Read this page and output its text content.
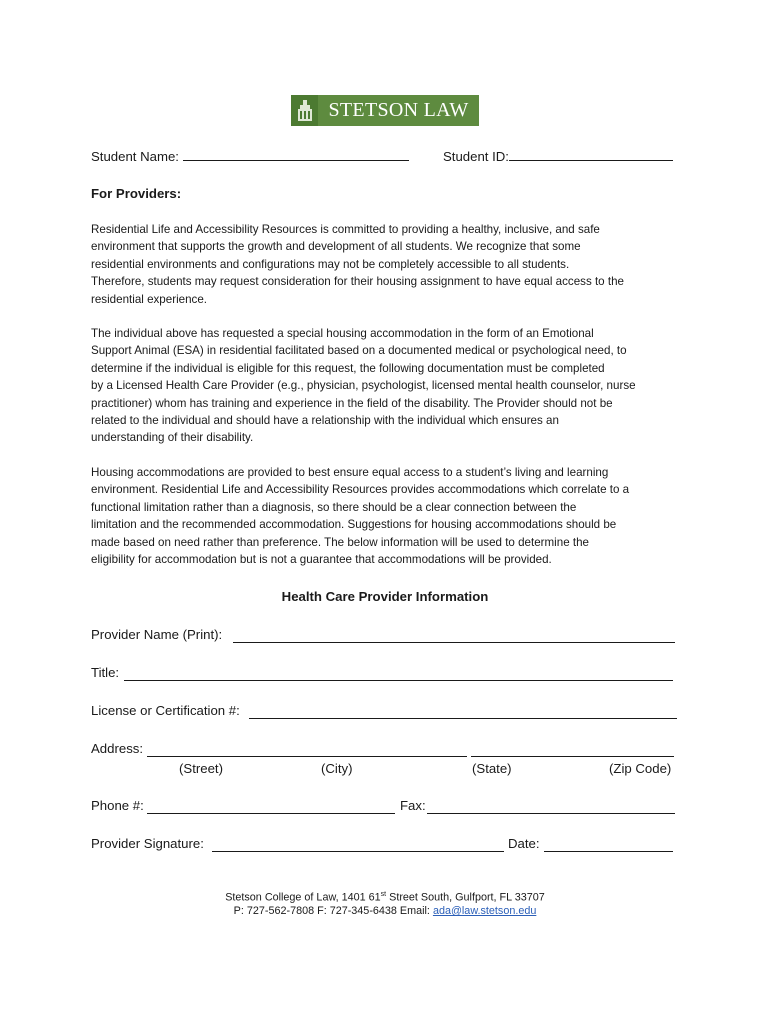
STETSON LAW
Student Name:	Student ID:
For Providers:
Residential Life and Accessibility Resources is committed to providing a healthy, inclusive, and safe
environment that supports the growth and development of all students. We recognize that some
residential environments and configurations may not be completely accessible to all students.
Therefore, students may request consideration for their housing assignment to have equal access to the
residential experience.
The individual above has requested a special housing accommodation in the form of an Emotional
Support Animal (ESA) in residential facilitated based on a documented medical or psychological need, to
determine if the individual is eligible for this request, the following documentation must be completed
by a Licensed Health Care Provider (e.g., physician, psychologist, licensed mental health counselor, nurse
practitioner) whom has training and experience in the field of the disability. The Provider should not be
related to the individual and should have a relationship with the individual which ensures an
understanding of their disability.
Housing accommodations are provided to best ensure equal access to a student’s living and learning
environment. Residential Life and Accessibility Resources provides accommodations which correlate to a
functional limitation rather than a diagnosis, so there should be a clear connection between the
limitation and the recommended accommodation. Suggestions for housing accommodations should be
made based on need rather than preference. The below information will be used to determine the
eligibility for accommodation but is not a guarantee that accommodations will be provided.
Health Care Provider Information
Provider Name (Print):
Title:
License or Certification #:
Address:
(Street)	(City)	(State)	(Zip Code)
Phone #:	Fax:
Provider Signature:	Date:
Stetson College of Law, 1401 61st Street South, Gulfport, FL 33707
P: 727-562-7808 F: 727-345-6438 Email: ada@law.stetson.edu
